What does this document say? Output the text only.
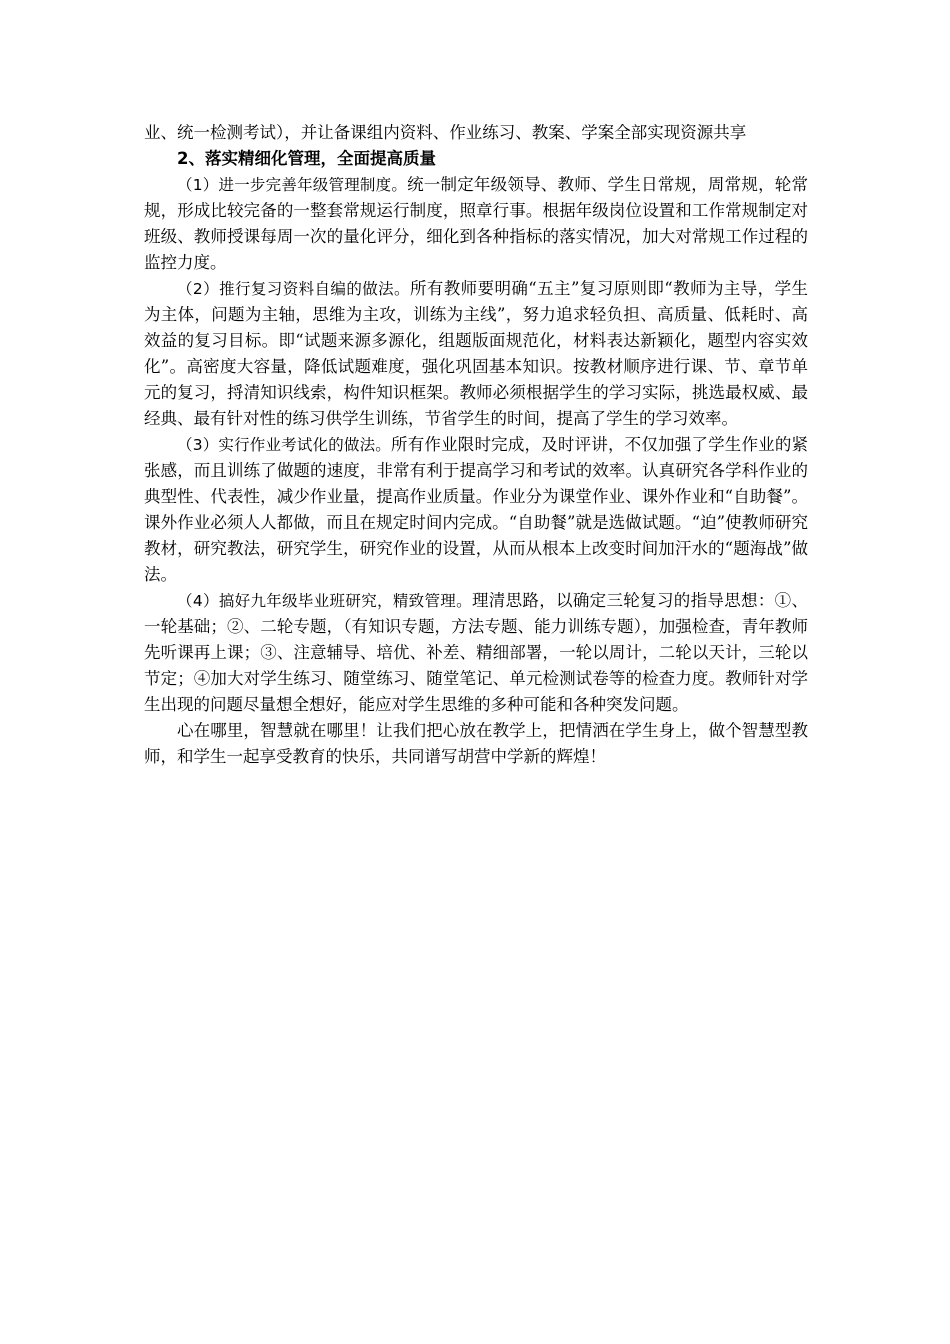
业、统一检测考试），并让备课组内资料、作业练习、教案、学案全部实现资源共享

2、落实精细化管理，全面提高质量

（1）进一步完善年级管理制度。统一制定年级领导、教师、学生日常规，周常规，轮常规，形成比较完备的一整套常规运行制度，照章行事。根据年级岗位设置和工作常规制定对班级、教师授课每周一次的量化评分，细化到各种指标的落实情况，加大对常规工作过程的监控力度。

（2）推行复习资料自编的做法。所有教师要明确“五主”复习原则即“教师为主导，学生为主体，问题为主轴，思维为主攻，训练为主线”，努力追求轻负担、高质量、低耗时、高效益的复习目标。即“试题来源多源化，组题版面规范化，材料表达新颖化，题型内容实效化”。高密度大容量，降低试题难度，强化巩固基本知识。按教材顺序进行课、节、章节单元的复习，捋清知识线索，构件知识框架。教师必须根据学生的学习实际，挑选最权威、最经典、最有针对性的练习供学生训练，节省学生的时间，提高了学生的学习效率。

（3）实行作业考试化的做法。所有作业限时完成，及时评讲，不仅加强了学生作业的紧张感，而且训练了做题的速度，非常有利于提高学习和考试的效率。认真研究各学科作业的典型性、代表性，减少作业量，提高作业质量。作业分为课堂作业、课外作业和“自助餐”。课外作业必须人人都做，而且在规定时间内完成。“自助餐”就是选做试题。“迫”使教师研究教材，研究教法，研究学生，研究作业的设置，从而从根本上改变时间加汗水的“题海战”做法。

（4）搞好九年级毕业班研究，精致管理。理清思路，以确定三轮复习的指导思想：①、一轮基础；②、二轮专题，（有知识专题，方法专题、能力训练专题），加强检查，青年教师先听课再上课；③、注意辅导、培优、补差、精细部署，一轮以周计，二轮以天计，三轮以节定；④加大对学生练习、随堂练习、随堂笔记、单元检测试卷等的检查力度。教师针对学生出现的问题尽量想全想好，能应对学生思维的多种可能和各种突发问题。

心在哪里，智慧就在哪里！让我们把心放在教学上，把情洒在学生身上，做个智慧型教师，和学生一起享受教育的快乐，共同谱写胡营中学新的辉煌！
